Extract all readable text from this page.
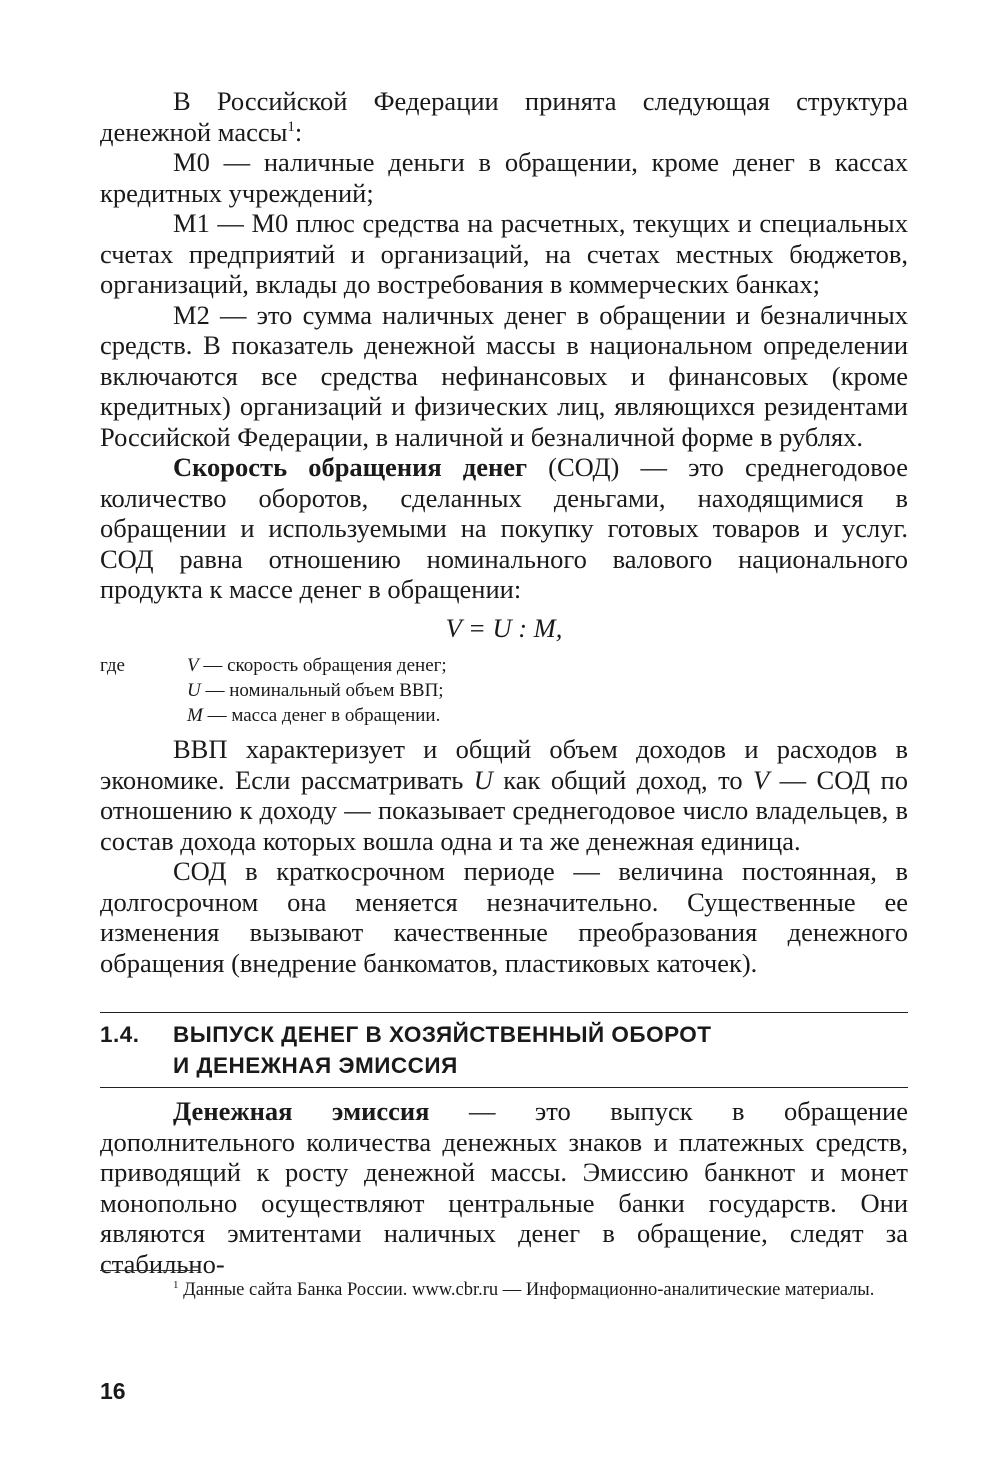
В Российской Федерации принята следующая структура денежной массы$^1$:

М0 — наличные деньги в обращении, кроме денег в кассах кредитных учреждений;

М1 — М0 плюс средства на расчетных, текущих и специальных счетах предприятий и организаций, на счетах местных бюджетов, организаций, вклады до востребования в коммерческих банках;

М2 — это сумма наличных денег в обращении и безналичных средств. В показатель денежной массы в национальном определении включаются все средства нефинансовых и финансовых (кроме кредитных) организаций и физических лиц, являющихся резидентами Российской Федерации, в наличной и безналичной форме в рублях.

Скорость обращения денег (СОД) — это среднегодовое количество оборотов, сделанных деньгами, находящимися в обращении и используемыми на покупку готовых товаров и услуг. СОД равна отношению номинального валового национального продукта к массе денег в обращении:

V = U : M,

где	V — скорость обращения денег;
U — номинальный объем ВВП;
M — масса денег в обращении.

ВВП характеризует и общий объем доходов и расходов в экономике. Если рассматривать U как общий доход, то V — СОД по отношению к доходу — показывает среднегодовое число владельцев, в состав дохода которых вошла одна и та же денежная единица.

СОД в краткосрочном периоде — величина постоянная, в долгосрочном она меняется незначительно. Существенные ее изменения вызывают качественные преобразования денежного обращения (внедрение банкоматов, пластиковых каточек).

1.4. ВЫПУСК ДЕНЕГ В ХОЗЯЙСТВЕННЫЙ ОБОРОТ
И ДЕНЕЖНАЯ ЭМИССИЯ

Денежная эмиссия — это выпуск в обращение дополнительного количества денежных знаков и платежных средств, приводящий к росту денежной массы. Эмиссию банкнот и монет монопольно осуществляют центральные банки государств. Они являются эмитентами наличных денег в обращение, следят за стабильно-

$^1$ Данные сайта Банка России. www.cbr.ru — Информационно-аналитические материалы.
16
